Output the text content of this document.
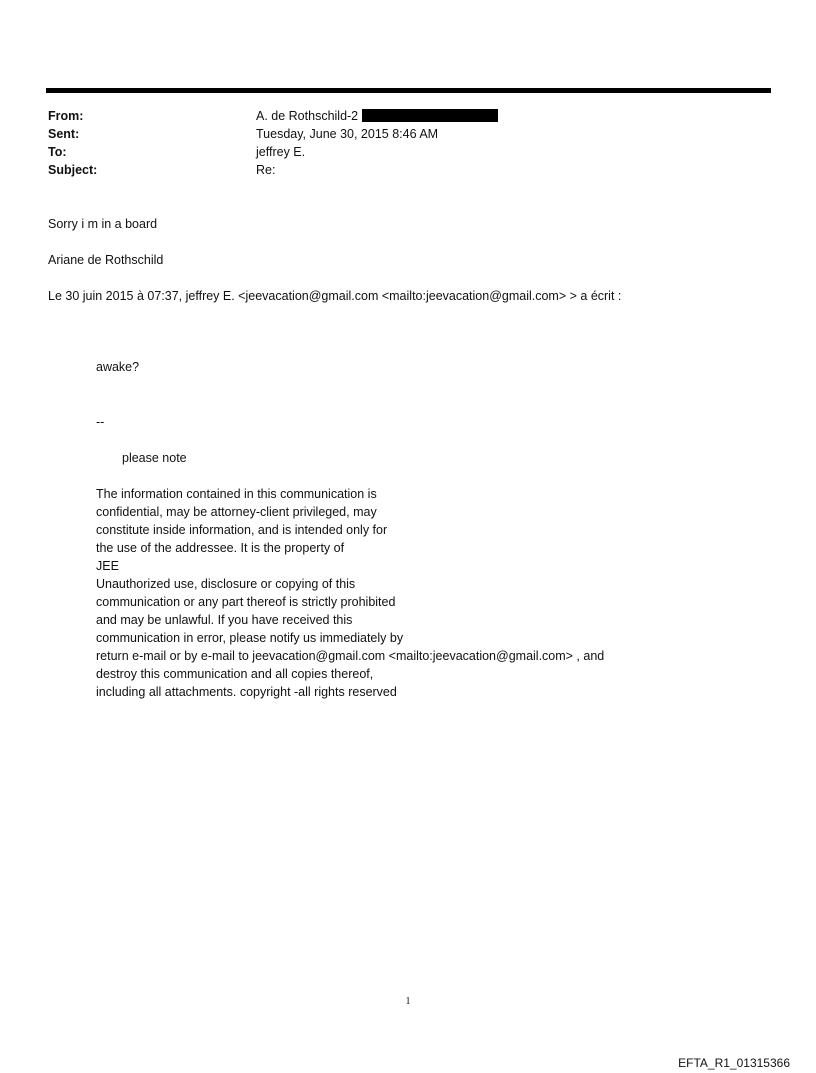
From:	A. de Rothschild-2
Sent:	Tuesday, June 30, 2015 8:46 AM
To:	jeffrey E.
Subject:	Re:
Sorry i m in a board
Ariane de Rothschild
Le 30 juin 2015 à 07:37, jeffrey E. <jeevacation@gmail.com <mailto:jeevacation@gmail.com> > a écrit :
awake?
--
please note
The information contained in this communication is
confidential, may be attorney-client privileged, may
constitute inside information, and is intended only for
the use of the addressee. It is the property of
JEE
Unauthorized use, disclosure or copying of this
communication or any part thereof is strictly prohibited
and may be unlawful. If you have received this
communication in error, please notify us immediately by
return e-mail or by e-mail to jeevacation@gmail.com <mailto:jeevacation@gmail.com> , and
destroy this communication and all copies thereof,
including all attachments. copyright -all rights reserved
1
EFTA_R1_01315366
